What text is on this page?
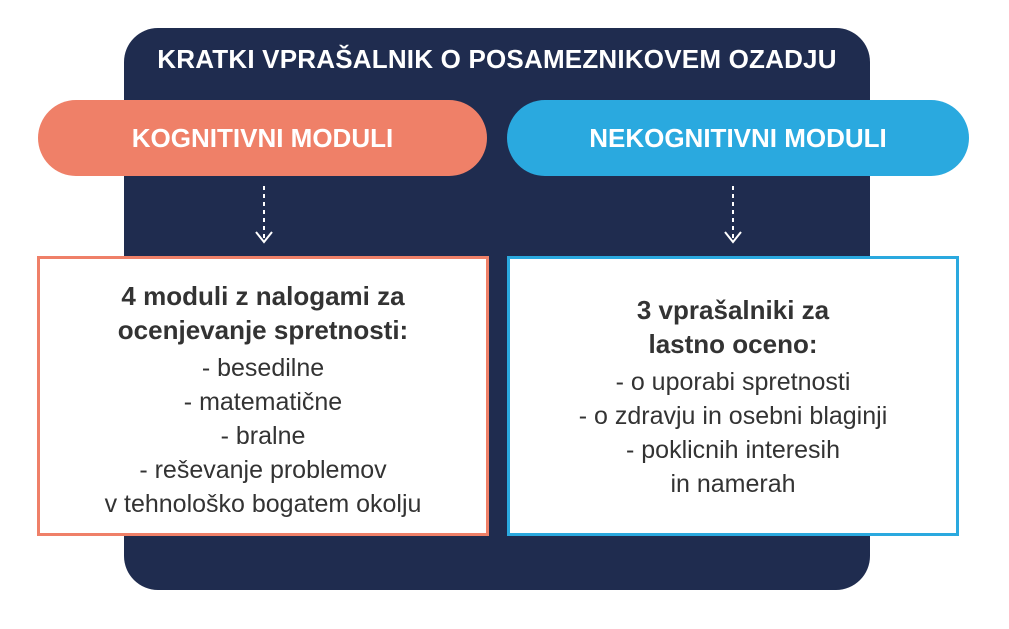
KRATKI VPRAŠALNIK O POSAMEZNIKOVEM OZADJU
KOGNITIVNI MODULI	NEKOGNITIVNI MODULI
4 moduli z nalogami za
ocenjevanje spretnosti:
- besedilne
- matematične
- bralne
- reševanje problemov
v tehnološko bogatem okolju
3 vprašalniki za
lastno oceno:
- o uporabi spretnosti
- o zdravju in osebni blaginji
- poklicnih interesih
in namerah
